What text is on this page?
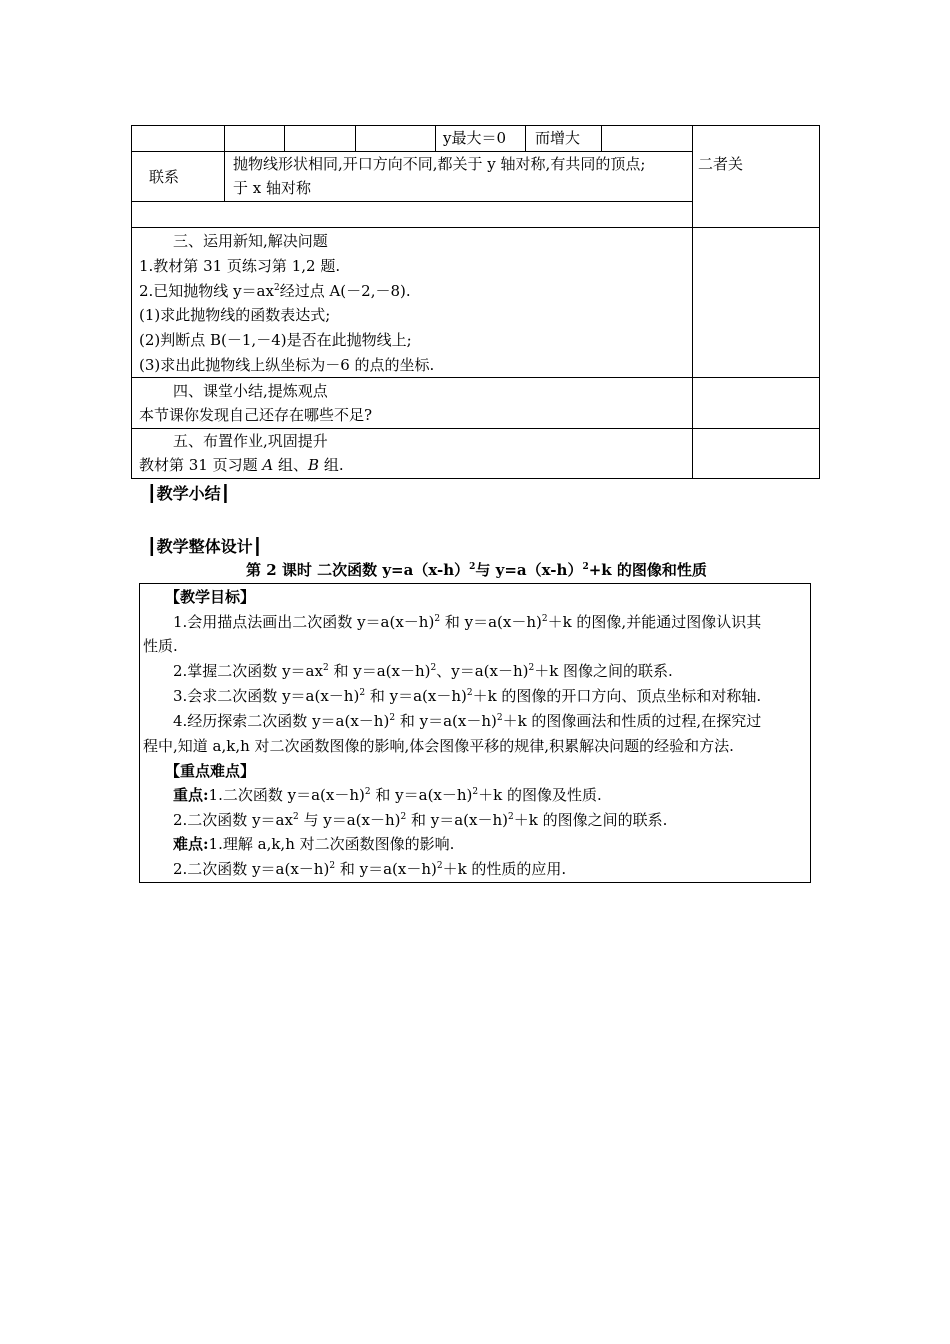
y最大＝0 而增大
联系
抛物线形状相同,开口方向不同,都关于 y 轴对称,有共同的顶点;
于 x 轴对称
二者关
三、运用新知,解决问题
1.教材第 31 页练习第 1,2 题.
2.已知抛物线 $y=ax^2$经过点 A(－2,－8).
(1)求此抛物线的函数表达式;
(2)判断点 B(－1,－4)是否在此抛物线上;
(3)求出此抛物线上纵坐标为－6 的点的坐标.
四、课堂小结,提炼观点
本节课你发现自己还存在哪些不足?
五、布置作业,巩固提升
教材第 31 页习题 A 组、B 组.
┃教学小结┃
┃教学整体设计┃
第 2 课时 二次函数 $y=a(x-h)^2$与 $y=a(x-h)^2+k$ 的图像和性质
【教学目标】
1.会用描点法画出二次函数 $y=a(x-h)^2$ 和 $y=a(x-h)^2+k$ 的图像,并能通过图像认识其
性质.
2.掌握二次函数 $y=ax^2$ 和 $y=a(x-h)^2$、$y=a(x-h)^2+k$ 图像之间的联系.
3.会求二次函数 $y=a(x-h)^2$ 和 $y=a(x-h)^2+k$ 的图像的开口方向、顶点坐标和对称轴.
4.经历探索二次函数 $y=a(x-h)^2$ 和 $y=a(x-h)^2+k$ 的图像画法和性质的过程,在探究过
程中,知道 a,k,h 对二次函数图像的影响,体会图像平移的规律,积累解决问题的经验和方法.
【重点难点】
重点:1.二次函数 $y=a(x-h)^2$ 和 $y=a(x-h)^2+k$ 的图像及性质.
2.二次函数 $y=ax^2$ 与 $y=a(x-h)^2$ 和 $y=a(x-h)^2+k$ 的图像之间的联系.
难点:1.理解 a,k,h 对二次函数图像的影响.
2.二次函数 $y=a(x-h)^2$ 和 $y=a(x-h)^2+k$ 的性质的应用.
